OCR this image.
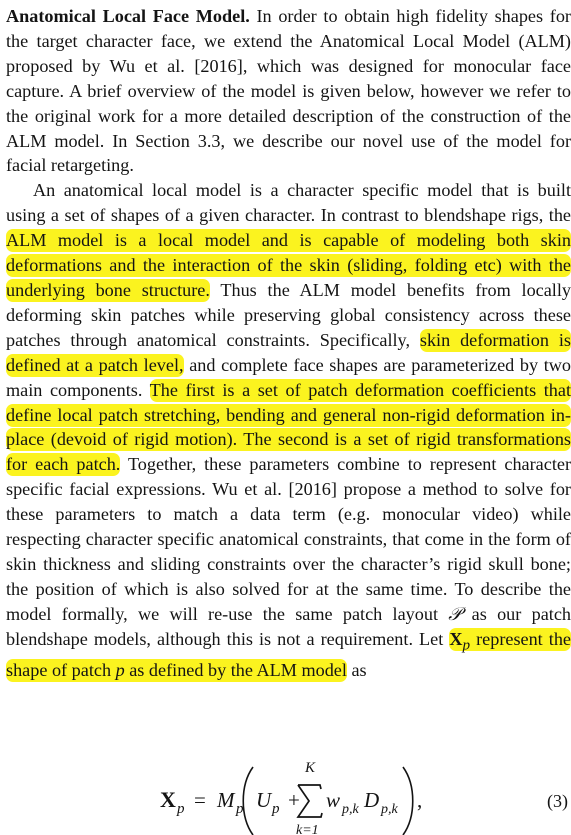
Anatomical Local Face Model. In order to obtain high fidelity shapes for the target character face, we extend the Anatomical Local Model (ALM) proposed by Wu et al. [2016], which was designed for monocular face capture. A brief overview of the model is given below, however we refer to the original work for a more detailed description of the construction of the ALM model. In Section 3.3, we describe our novel use of the model for facial retargeting.

An anatomical local model is a character specific model that is built using a set of shapes of a given character. In contrast to blendshape rigs, the ALM model is a local model and is capable of modeling both skin deformations and the interaction of the skin (sliding, folding etc) with the underlying bone structure. Thus the ALM model benefits from locally deforming skin patches while preserving global consistency across these patches through anatomical constraints. Specifically, skin deformation is defined at a patch level, and complete face shapes are parameterized by two main components. The first is a set of patch deformation coefficients that define local patch stretching, bending and general non-rigid deformation in-place (devoid of rigid motion). The second is a set of rigid transformations for each patch. Together, these parameters combine to represent character specific facial expressions. Wu et al. [2016] propose a method to solve for these parameters to match a data term (e.g. monocular video) while respecting character specific anatomical constraints, that come in the form of skin thickness and sliding constraints over the character’s rigid skull bone; the position of which is also solved for at the same time. To describe the model formally, we will re-use the same patch layout 𝒫 as our patch blendshape models, although this is not a requirement. Let $X_p$ represent the shape of patch p as defined by the ALM model as

X p = M p U p +
K
k=1
w p,k D p,k ,	(3)
